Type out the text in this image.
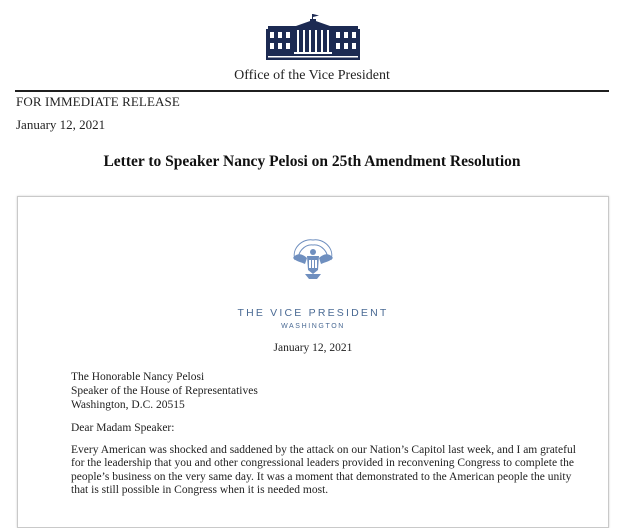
Office of the Vice President
FOR IMMEDIATE RELEASE
January 12, 2021
Letter to Speaker Nancy Pelosi on 25th Amendment Resolution
THE VICE PRESIDENT
WASHINGTON
January 12, 2021
The Honorable Nancy Pelosi
Speaker of the House of Representatives
Washington, D.C. 20515
Dear Madam Speaker:
Every American was shocked and saddened by the attack on our Nation’s Capitol last week, and I am grateful for the leadership that you and other congressional leaders provided in reconvening Congress to complete the people’s business on the very same day. It was a moment that demonstrated to the American people the unity that is still possible in Congress when it is needed most.
